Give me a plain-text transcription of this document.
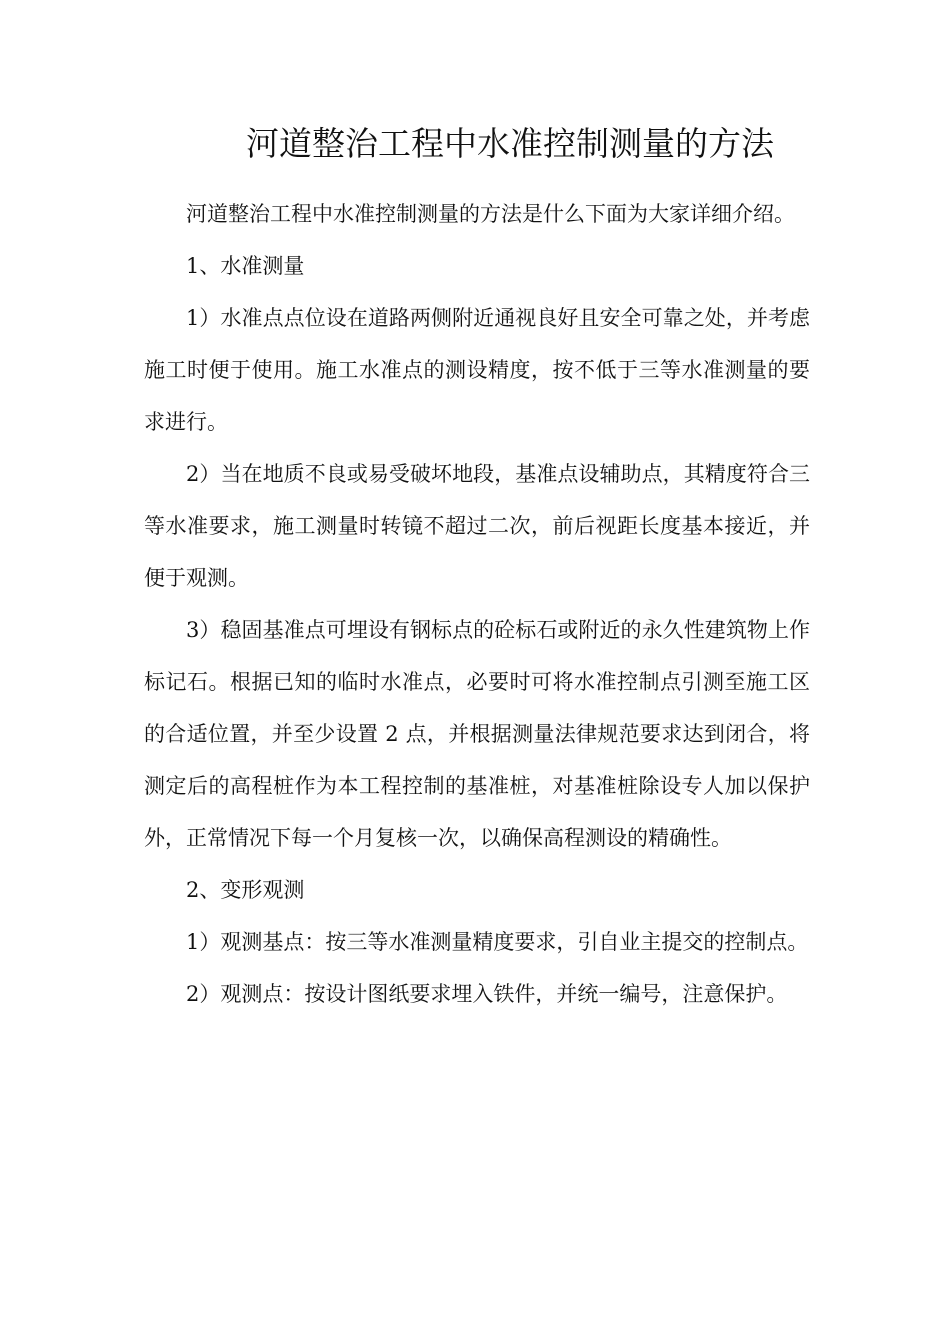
河道整治工程中水准控制测量的方法

河道整治工程中水准控制测量的方法是什么下面为大家详细介绍。

1、水准测量

1）水准点点位设在道路两侧附近通视良好且安全可靠之处，并考虑施工时便于使用。施工水准点的测设精度，按不低于三等水准测量的要求进行。

2）当在地质不良或易受破坏地段，基准点设辅助点，其精度符合三等水准要求，施工测量时转镜不超过二次，前后视距长度基本接近，并便于观测。

3）稳固基准点可埋设有钢标点的砼标石或附近的永久性建筑物上作标记石。根据已知的临时水准点，必要时可将水准控制点引测至施工区的合适位置，并至少设置 2 点，并根据测量法律规范要求达到闭合，将测定后的高程桩作为本工程控制的基准桩，对基准桩除设专人加以保护外，正常情况下每一个月复核一次，以确保高程测设的精确性。

2、变形观测

1）观测基点：按三等水准测量精度要求，引自业主提交的控制点。

2）观测点：按设计图纸要求埋入铁件，并统一编号，注意保护。
